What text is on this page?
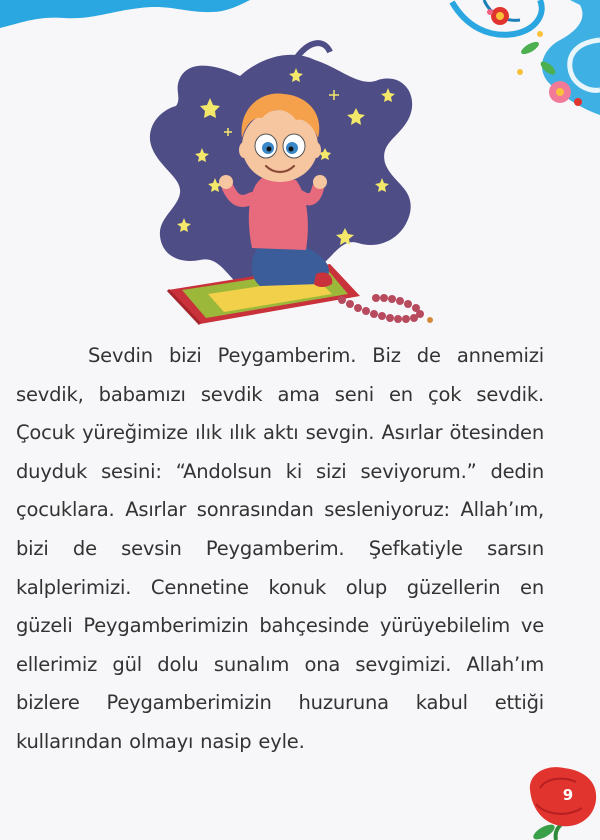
Sevdin bizi Peygamberim. Biz de annemizi sevdik, babamızı sevdik ama seni en çok sevdik. Çocuk yüreğimize ılık ılık aktı sevgin. Asırlar ötesinden duyduk sesini: “Andolsun ki sizi seviyorum.” dedin çocuklara. Asırlar sonrasından sesleniyoruz: Allah’ım, bizi de sevsin Peygamberim. Şefkatiyle sarsın kalplerimizi. Cennetine konuk olup güzellerin en güzeli Peygamberimizin bahçesinde yürüyebilelim ve ellerimiz gül dolu sunalım ona sevgimizi. Allah’ım bizlere Peygamberimizin huzuruna kabul ettiği kullarından olmayı nasip eyle.

9
